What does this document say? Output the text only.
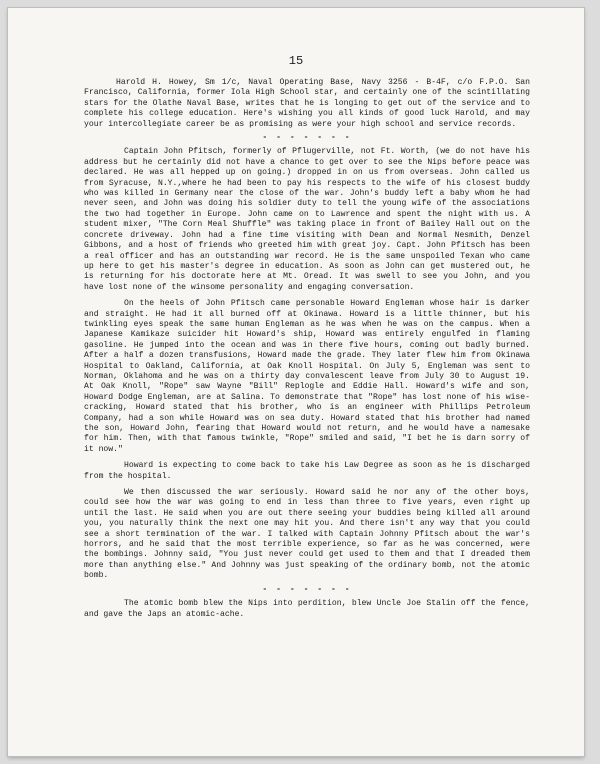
15

Harold H. Howey, Sm 1/c, Naval Operating Base, Navy 3256 - B-4F, c/o F.P.O. San Francisco, California, former Iola High School star, and certainly one of the scintillating stars for the Olathe Naval Base, writes that he is longing to get out of the service and to complete his college education. Here's wishing you all kinds of good luck Harold, and may your intercollegiate career be as promising as were your high school and service records.

- - - - - - -

Captain John Pfitsch, formerly of Pflugerville, not Ft. Worth, (we do not have his address but he certainly did not have a chance to get over to see the Nips before peace was declared. He was all hepped up on going.) dropped in on us from overseas. John called us from Syracuse, N.Y.,where he had been to pay his respects to the wife of his closest buddy who was killed in Germany near the close of the war. John's buddy left a baby whom he had never seen, and John was doing his soldier duty to tell the young wife of the associations the two had together in Europe. John came on to Lawrence and spent the night with us. A student mixer, "The Corn Meal Shuffle" was taking place in front of Bailey Hall out on the concrete driveway. John had a fine time visiting with Dean and Normal Nesmith, Denzel Gibbons, and a host of friends who greeted him with great joy. Capt. John Pfitsch has been a real officer and has an outstanding war record. He is the same unspoiled Texan who came up here to get his master's degree in education. As soon as John can get mustered out, he is returning for his doctorate here at Mt. Oread. It was swell to see you John, and you have lost none of the winsome personality and engaging conversation.

On the heels of John Pfitsch came personable Howard Engleman whose hair is darker and straight. He had it all burned off at Okinawa. Howard is a little thinner, but his twinkling eyes speak the same human Engleman as he was when he was on the campus. When a Japanese Kamikaze suicider hit Howard's ship, Howard was entirely engulfed in flaming gasoline. He jumped into the ocean and was in there five hours, coming out badly burned. After a half a dozen transfusions, Howard made the grade. They later flew him from Okinawa Hospital to Oakland, California, at Oak Knoll Hospital. On July 5, Engleman was sent to Norman, Oklahoma and he was on a thirty day convalescent leave from July 30 to August 19. At Oak Knoll, "Rope" saw Wayne "Bill" Replogle and Eddie Hall. Howard's wife and son, Howard Dodge Engleman, are at Salina. To demonstrate that "Rope" has lost none of his wise-cracking, Howard stated that his brother, who is an engineer with Phillips Petroleum Company, had a son while Howard was on sea duty. Howard stated that his brother had named the son, Howard John, fearing that Howard would not return, and he would have a namesake for him. Then, with that famous twinkle, "Rope" smiled and said, "I bet he is darn sorry of it now."

Howard is expecting to come back to take his Law Degree as soon as he is discharged from the hospital.

We then discussed the war seriously. Howard said he nor any of the other boys, could see how the war was going to end in less than three to five years, even right up until the last. He said when you are out there seeing your buddies being killed all around you, you naturally think the next one may hit you. And there isn't any way that you could see a short termination of the war. I talked with Captain Johnny Pfitsch about the war's horrors, and he said that the most terrible experience, so far as he was concerned, were the bombings. Johnny said, "You just never could get used to them and that I dreaded them more than anything else." And Johnny was just speaking of the ordinary bomb, not the atomic bomb.

- - - - - - -

The atomic bomb blew the Nips into perdition, blew Uncle Joe Stalin off the fence, and gave the Japs an atomic-ache.
